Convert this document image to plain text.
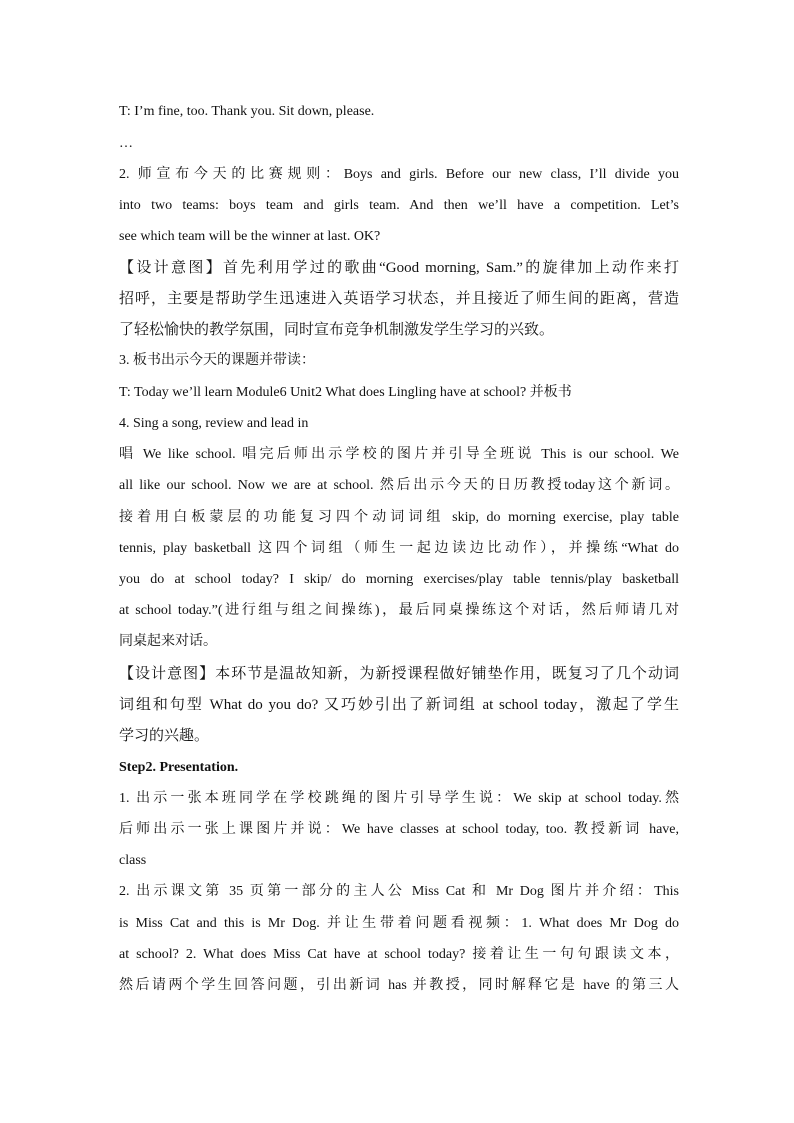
T: I’m fine, too. Thank you. Sit down, please.
…
2. 师宣布今天的比赛规则：Boys and girls. Before our new class, I’ll divide you
into two teams: boys team and girls team. And then we’ll have a competition. Let’s
see which team will be the winner at last. OK?
【设计意图】首先利用学过的歌曲“Good morning, Sam.”的旋律加上动作来打
招呼，主要是帮助学生迅速进入英语学习状态，并且接近了师生间的距离，营造
了轻松愉快的教学氛围，同时宣布竞争机制激发学生学习的兴致。
3. 板书出示今天的课题并带读：
T: Today we’ll learn Module6 Unit2 What does Lingling have at school? 并板书
4. Sing a song, review and lead in
唱 We like school. 唱完后师出示学校的图片并引导全班说 This is our school. We
all like our school. Now we are at school. 然后出示今天的日历教授today这个新词。
接着用白板蒙层的功能复习四个动词词组 skip, do morning exercise, play table
tennis, play basketball 这四个词组（师生一起边读边比动作），并操练“What do
you do at school today? I skip/ do morning exercises/play table tennis/play basketball
at school today.”(进行组与组之间操练)，最后同桌操练这个对话，然后师请几对
同桌起来对话。
【设计意图】本环节是温故知新，为新授课程做好铺垫作用，既复习了几个动词
词组和句型 What do you do? 又巧妙引出了新词组 at school today，激起了学生
学习的兴趣。
Step2. Presentation.
1. 出示一张本班同学在学校跳绳的图片引导学生说：We skip at school today.然
后师出示一张上课图片并说：We have classes at school today, too. 教授新词 have,
class
2. 出示课文第 35 页第一部分的主人公 Miss Cat 和 Mr Dog 图片并介绍：This
is Miss Cat and this is Mr Dog. 并让生带着问题看视频：1. What does Mr Dog do
at school? 2. What does Miss Cat have at school today? 接着让生一句句跟读文本，
然后请两个学生回答问题，引出新词 has 并教授，同时解释它是 have 的第三人
